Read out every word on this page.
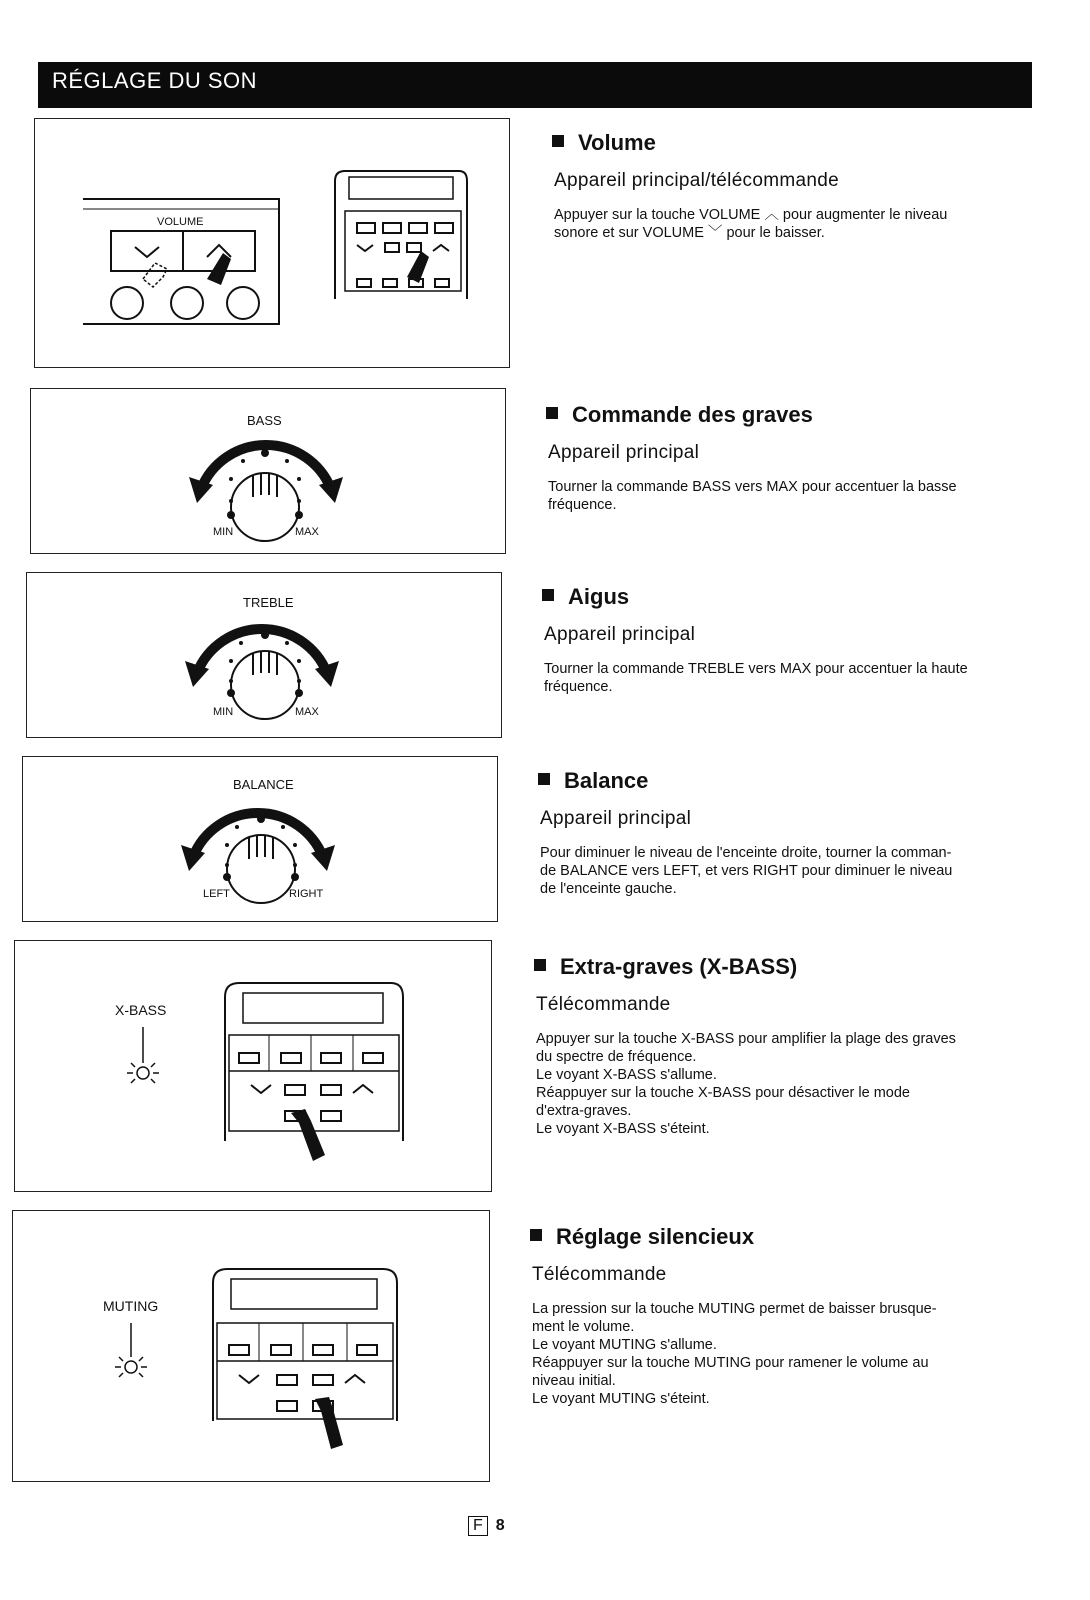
RÉGLAGE DU SON
VOLUME
BASS
MIN	MAX
TREBLE
MIN	MAX
BALANCE
LEFT	RIGHT
X-BASS
MUTING
Volume
Appareil principal/télécommande
Appuyer sur la touche VOLUME ︿ pour augmenter le niveau
sonore et sur VOLUME ﹀ pour le baisser.
Commande des graves
Appareil principal
Tourner la commande BASS vers MAX pour accentuer la basse
fréquence.
Aigus
Appareil principal
Tourner la commande TREBLE vers MAX pour accentuer la haute
fréquence.
Balance
Appareil principal
Pour diminuer le niveau de l'enceinte droite, tourner la comman-
de BALANCE vers LEFT, et vers RIGHT pour diminuer le niveau
de l'enceinte gauche.
Extra-graves (X-BASS)
Télécommande
Appuyer sur la touche X-BASS pour amplifier la plage des graves
du spectre de fréquence.
Le voyant X-BASS s'allume.
Réappuyer sur la touche X-BASS pour désactiver le mode
d'extra-graves.
Le voyant X-BASS s'éteint.
Réglage silencieux
Télécommande
La pression sur la touche MUTING permet de baisser brusque-
ment le volume.
Le voyant MUTING s'allume.
Réappuyer sur la touche MUTING pour ramener le volume au
niveau initial.
Le voyant MUTING s'éteint.
F 8
